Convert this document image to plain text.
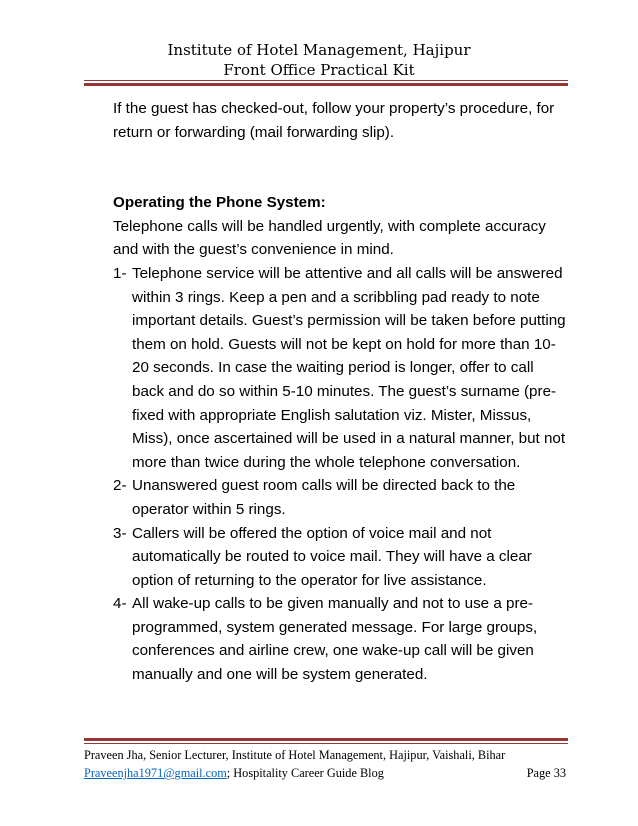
Institute of Hotel Management, Hajipur
Front Office Practical Kit

If the guest has checked-out, follow your property’s procedure, for return or forwarding (mail forwarding slip).

Operating the Phone System:

Telephone calls will be handled urgently, with complete accuracy and with the guest’s convenience in mind.

1- Telephone service will be attentive and all calls will be answered within 3 rings. Keep a pen and a scribbling pad ready to note important details. Guest’s permission will be taken before putting them on hold. Guests will not be kept on hold for more than 10-20 seconds. In case the waiting period is longer, offer to call back and do so within 5-10 minutes. The guest’s surname (pre-fixed with appropriate English salutation viz. Mister, Missus, Miss), once ascertained will be used in a natural manner, but not more than twice during the whole telephone conversation.
2- Unanswered guest room calls will be directed back to the operator within 5 rings.
3- Callers will be offered the option of voice mail and not automatically be routed to voice mail. They will have a clear option of returning to the operator for live assistance.
4- All wake-up calls to be given manually and not to use a pre-programmed, system generated message. For large groups, conferences and airline crew, one wake-up call will be given manually and one will be system generated.
Praveen Jha, Senior Lecturer, Institute of Hotel Management, Hajipur, Vaishali, Bihar
Praveenjha1971@gmail.com; Hospitality Career Guide Blog	Page 33
